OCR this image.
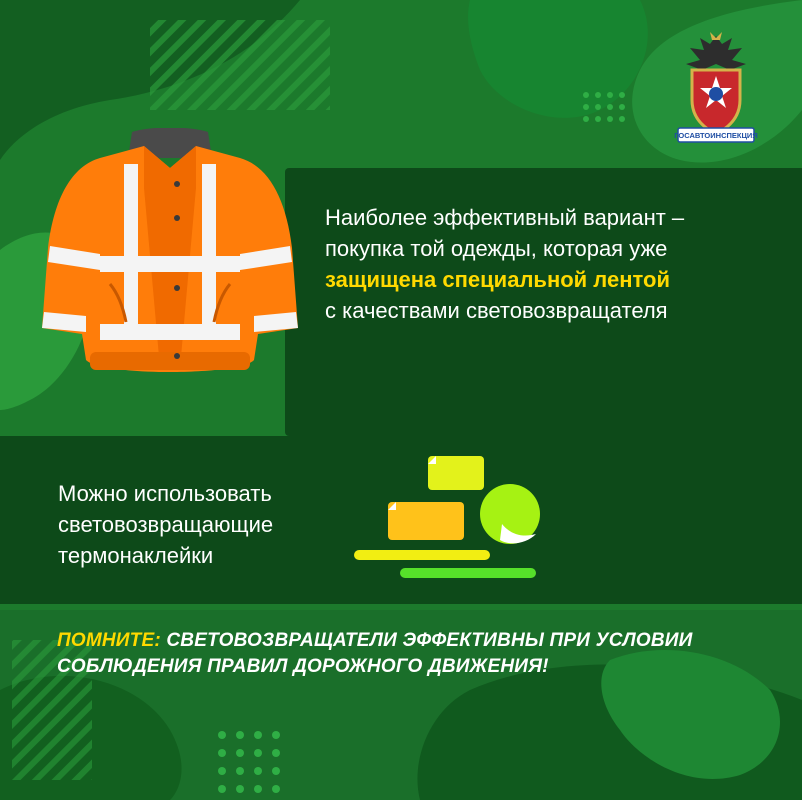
ГОСАВТОИНСПЕКЦИЯ
Наиболее эффективный вариант –
покупка той одежды, которая уже
защищена специальной лентой
с качествами световозвращателя
Можно использовать
световозвращающие
термонаклейки
ПОМНИТЕ: СВЕТОВОЗВРАЩАТЕЛИ ЭФФЕКТИВНЫ ПРИ УСЛОВИИ
СОБЛЮДЕНИЯ ПРАВИЛ ДОРОЖНОГО ДВИЖЕНИЯ!
